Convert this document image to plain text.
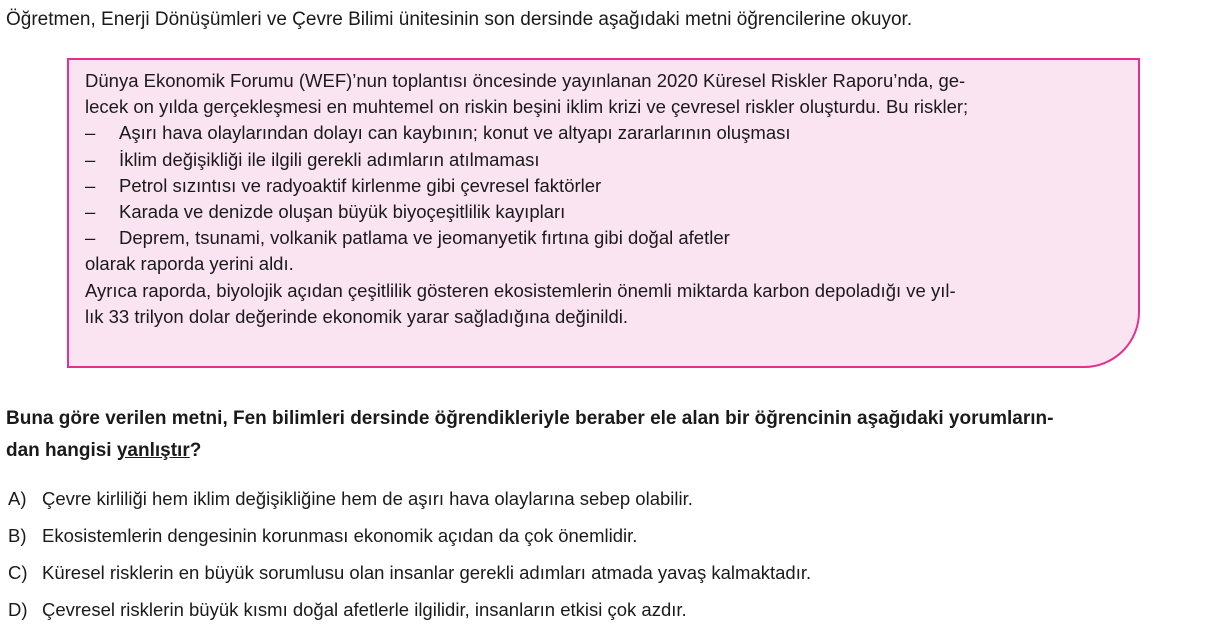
Öğretmen, Enerji Dönüşümleri ve Çevre Bilimi ünitesinin son dersinde aşağıdaki metni öğrencilerine okuyor.

Dünya Ekonomik Forumu (WEF)’nun toplantısı öncesinde yayınlanan 2020 Küresel Riskler Raporu’nda, ge-

lecek on yılda gerçekleşmesi en muhtemel on riskin beşini iklim krizi ve çevresel riskler oluşturdu. Bu riskler;

–	Aşırı hava olaylarından dolayı can kaybının; konut ve altyapı zararlarının oluşması
–	İklim değişikliği ile ilgili gerekli adımların atılmaması
–	Petrol sızıntısı ve radyoaktif kirlenme gibi çevresel faktörler
–	Karada ve denizde oluşan büyük biyoçeşitlilik kayıpları
–	Deprem, tsunami, volkanik patlama ve jeomanyetik fırtına gibi doğal afetler

olarak raporda yerini aldı.

Ayrıca raporda, biyolojik açıdan çeşitlilik gösteren ekosistemlerin önemli miktarda karbon depoladığı ve yıl-

lık 33 trilyon dolar değerinde ekonomik yarar sağladığına değinildi.

Buna göre verilen metni, Fen bilimleri dersinde öğrendikleriyle beraber ele alan bir öğrencinin aşağıdaki yorumların-
dan hangisi yanlıştır?
A) Çevre kirliliği hem iklim değişikliğine hem de aşırı hava olaylarına sebep olabilir.
B) Ekosistemlerin dengesinin korunması ekonomik açıdan da çok önemlidir.
C) Küresel risklerin en büyük sorumlusu olan insanlar gerekli adımları atmada yavaş kalmaktadır.
D) Çevresel risklerin büyük kısmı doğal afetlerle ilgilidir, insanların etkisi çok azdır.
